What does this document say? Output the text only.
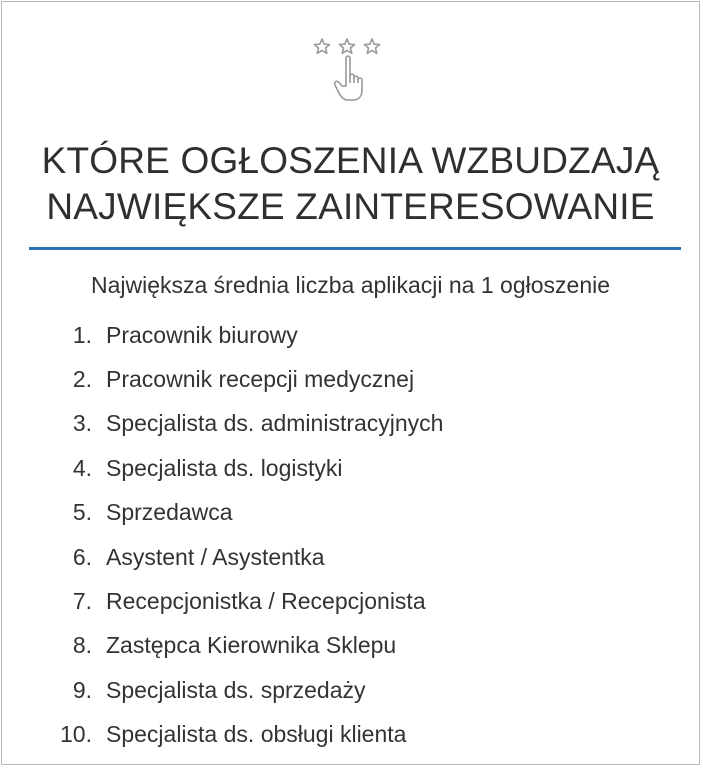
KTÓRE OGŁOSZENIA WZBUDZAJĄ
NAJWIĘKSZE ZAINTERESOWANIE

Największa średnia liczba aplikacji na 1 ogłoszenie

1. Pracownik biurowy
2. Pracownik recepcji medycznej
3. Specjalista ds. administracyjnych
4. Specjalista ds. logistyki
5. Sprzedawca
6. Asystent / Asystentka
7. Recepcjonistka / Recepcjonista
8. Zastępca Kierownika Sklepu
9. Specjalista ds. sprzedaży
10. Specjalista ds. obsługi klienta
